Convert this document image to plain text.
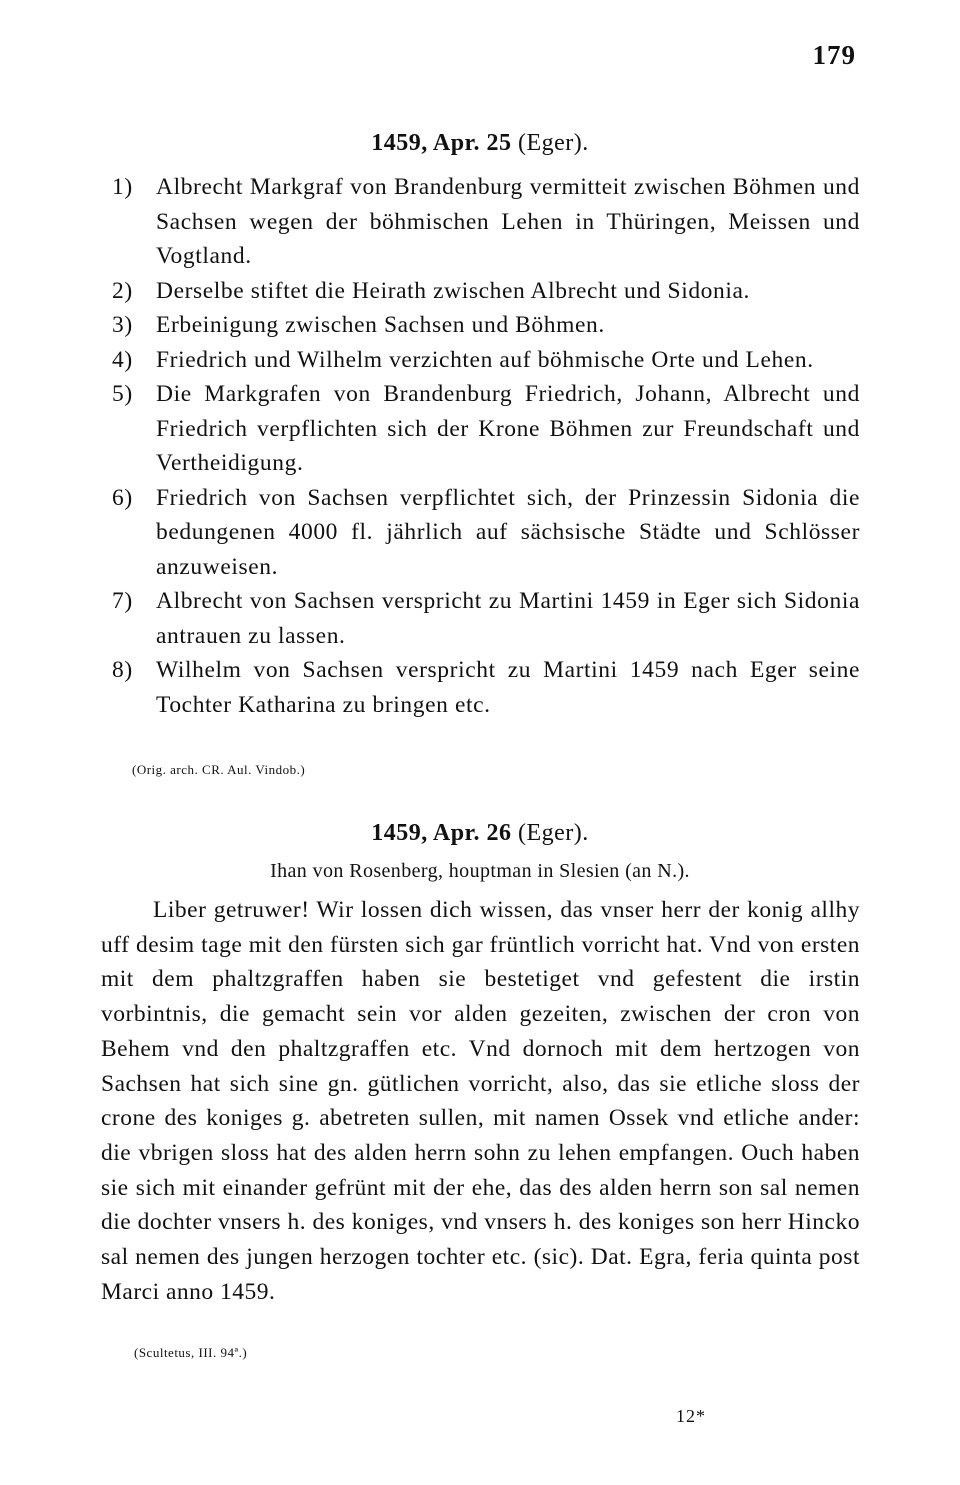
179
1459, Apr. 25 (Eger).
1) Albrecht Markgraf von Brandenburg vermitteit zwischen Böhmen und Sachsen wegen der böhmischen Lehen in Thüringen, Meissen und Vogtland.
2) Derselbe stiftet die Heirath zwischen Albrecht und Sidonia.
3) Erbeinigung zwischen Sachsen und Böhmen.
4) Friedrich und Wilhelm verzichten auf böhmische Orte und Lehen.
5) Die Markgrafen von Brandenburg Friedrich, Johann, Albrecht und Friedrich verpflichten sich der Krone Böhmen zur Freundschaft und Vertheidigung.
6) Friedrich von Sachsen verpflichtet sich, der Prinzessin Sidonia die bedungenen 4000 fl. jährlich auf sächsische Städte und Schlösser anzuweisen.
7) Albrecht von Sachsen verspricht zu Martini 1459 in Eger sich Sidonia antrauen zu lassen.
8) Wilhelm von Sachsen verspricht zu Martini 1459 nach Eger seine Tochter Katharina zu bringen etc.
(Orig. arch. CR. Aul. Vindob.)
1459, Apr. 26 (Eger).
Ihan von Rosenberg, houptman in Slesien (an N.).
Liber getruwer! Wir lossen dich wissen, das vnser herr der konig allhy uff desim tage mit den fürsten sich gar früntlich vorricht hat. Vnd von ersten mit dem phaltzgraffen haben sie bestetiget vnd gefestent die irstin vorbintnis, die gemacht sein vor alden gezeiten, zwischen der cron von Behem vnd den phaltzgraffen etc. Vnd dornoch mit dem hertzogen von Sachsen hat sich sine gn. gütlichen vorricht, also, das sie etliche sloss der crone des koniges g. abetreten sullen, mit namen Ossek vnd etliche ander: die vbrigen sloss hat des alden herrn sohn zu lehen empfangen. Ouch haben sie sich mit einander gefrünt mit der ehe, das des alden herrn son sal nemen die dochter vnsers h. des koniges, vnd vnsers h. des koniges son herr Hincko sal nemen des jungen herzogen tochter etc. (sic). Dat. Egra, feria quinta post Marci anno 1459.
(Scultetus, III. 94ª.)
12*
